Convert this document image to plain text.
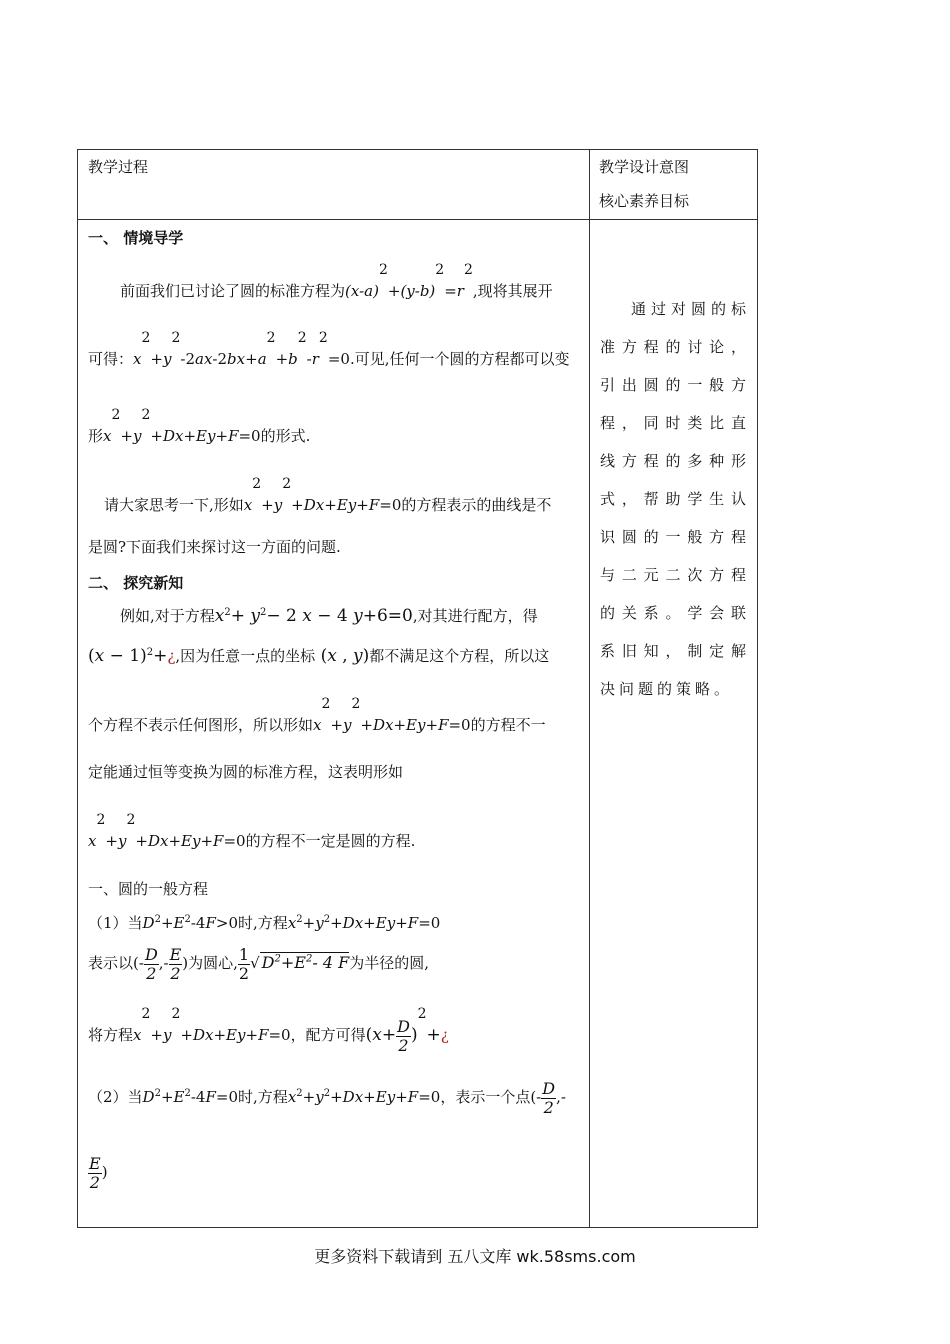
教学过程	教学设计意图
核心素养目标
一、 情境导学
前面我们已讨论了圆的标准方程为(x-a)2+(y-b)2=r2,现将其展开
可得：x2+y2-2ax-2bx+a2+b2-r2=0.可见,任何一个圆的方程都可以变
形x2+y2+Dx+Ey+F=0的形式.
请大家思考一下,形如x2+y2+Dx+Ey+F=0的方程表示的曲线是不
是圆?下面我们来探讨这一方面的问题.
二、 探究新知
例如,对于方程$x^2+ y^2- 2$ x − 4 y+6=0,对其进行配方，得
$(x - 1)^2+¿$,因为任意一点的坐标 (x , y)都不满足这个方程，所以这
个方程不表示任何图形，所以形如x2+y2+Dx+Ey+F=0的方程不一
定能通过恒等变换为圆的标准方程，这表明形如
x2+y2+Dx+Ey+F=0的方程不一定是圆的方程.
一、圆的一般方程
（1）当$D^2+E^2-4F>0$时,方程$x^2+y^2+Dx+Ey+F=0$
表示以(- $\frac{D}{2}$ ,- $\frac{E}{2}$ )为圆心, $\frac{1}{2}$ √ $D^2+E^2-$ 4 F为半径的圆,
将方程x2+y2+Dx+Ey+F=0，配方可得($x+ \frac{D}{2}$ )2+¿
（2）当$D^2+E^2-4F=0$时,方程$x^2+y^2+Dx+Ey+F=0$，表示一个点(- $\frac{D}{2}$ ,-
$\frac{E}{2}$ )
通过对圆的标准方程的讨论，引出圆的一般方程，同时类比直线方程的多种形式，帮助学生认识圆的一般方程与二元二次方程的关系。学会联系旧知，制定解决问题的策略。
更多资料下载请到 五八文库 wk.58sms.com
